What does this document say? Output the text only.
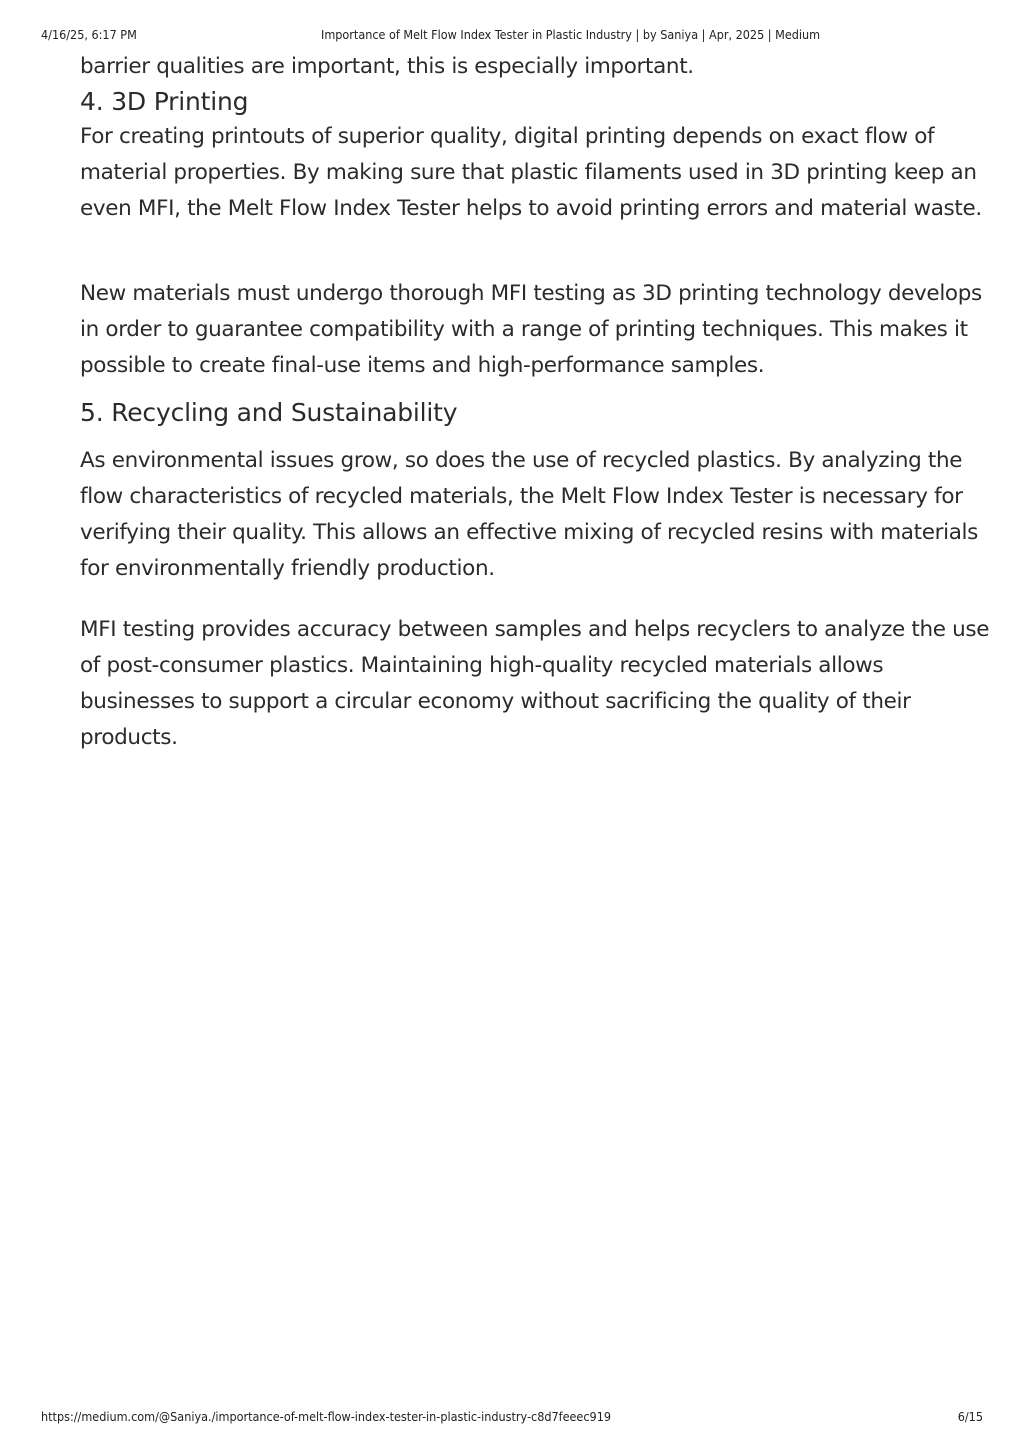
4/16/25, 6:17 PM	Importance of Melt Flow Index Tester in Plastic Industry | by Saniya | Apr, 2025 | Medium

barrier qualities are important, this is especially important.

4. 3D Printing

For creating printouts of superior quality, digital printing depends on exact flow of material properties. By making sure that plastic filaments used in 3D printing keep an even MFI, the Melt Flow Index Tester helps to avoid printing errors and material waste.

New materials must undergo thorough MFI testing as 3D printing technology develops in order to guarantee compatibility with a range of printing techniques. This makes it possible to create final-use items and high-performance samples.

5. Recycling and Sustainability

As environmental issues grow, so does the use of recycled plastics. By analyzing the flow characteristics of recycled materials, the Melt Flow Index Tester is necessary for verifying their quality. This allows an effective mixing of recycled resins with materials for environmentally friendly production.

MFI testing provides accuracy between samples and helps recyclers to analyze the use of post-consumer plastics. Maintaining high-quality recycled materials allows businesses to support a circular economy without sacrificing the quality of their products.

https://medium.com/@Saniya./importance-of-melt-flow-index-tester-in-plastic-industry-c8d7feeec919	6/15
